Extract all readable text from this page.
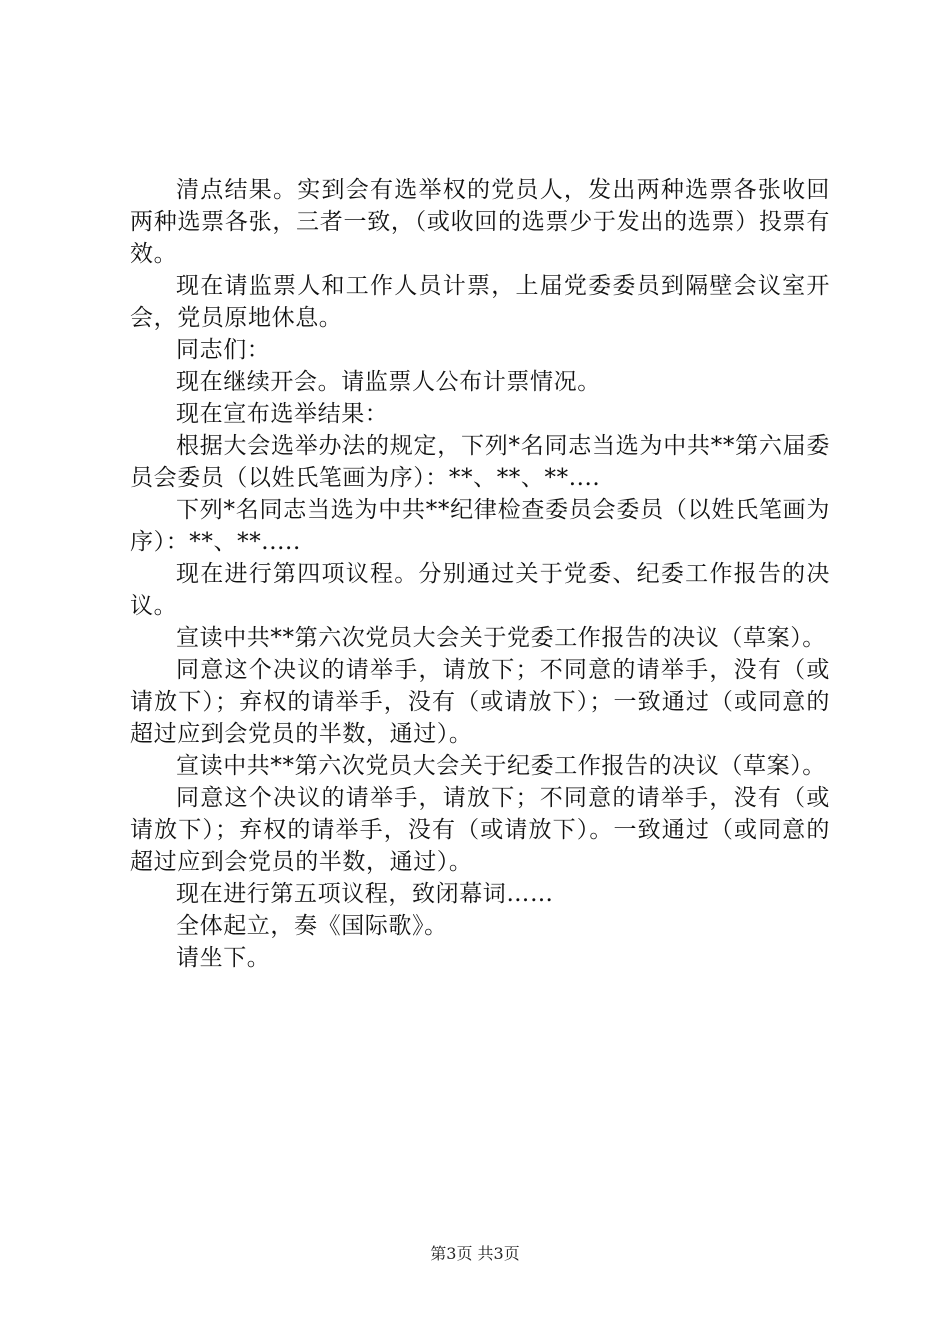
清点结果。实到会有选举权的党员人，发出两种选票各张收回两种选票各张，三者一致，（或收回的选票少于发出的选票）投票有效。

现在请监票人和工作人员计票，上届党委委员到隔壁会议室开会，党员原地休息。

同志们：

现在继续开会。请监票人公布计票情况。

现在宣布选举结果：

根据大会选举办法的规定，下列*名同志当选为中共**第六届委员会委员（以姓氏笔画为序）：**、**、**....

下列*名同志当选为中共**纪律检查委员会委员（以姓氏笔画为序）：**、**.....

现在进行第四项议程。分别通过关于党委、纪委工作报告的决议。

宣读中共**第六次党员大会关于党委工作报告的决议（草案）。

同意这个决议的请举手，请放下；不同意的请举手，没有（或请放下）；弃权的请举手，没有（或请放下）；一致通过（或同意的超过应到会党员的半数，通过）。

宣读中共**第六次党员大会关于纪委工作报告的决议（草案）。

同意这个决议的请举手，请放下；不同意的请举手，没有（或请放下）；弃权的请举手，没有（或请放下）。一致通过（或同意的超过应到会党员的半数，通过）。

现在进行第五项议程，致闭幕词……

全体起立，奏《国际歌》。

请坐下。

第3页 共3页
